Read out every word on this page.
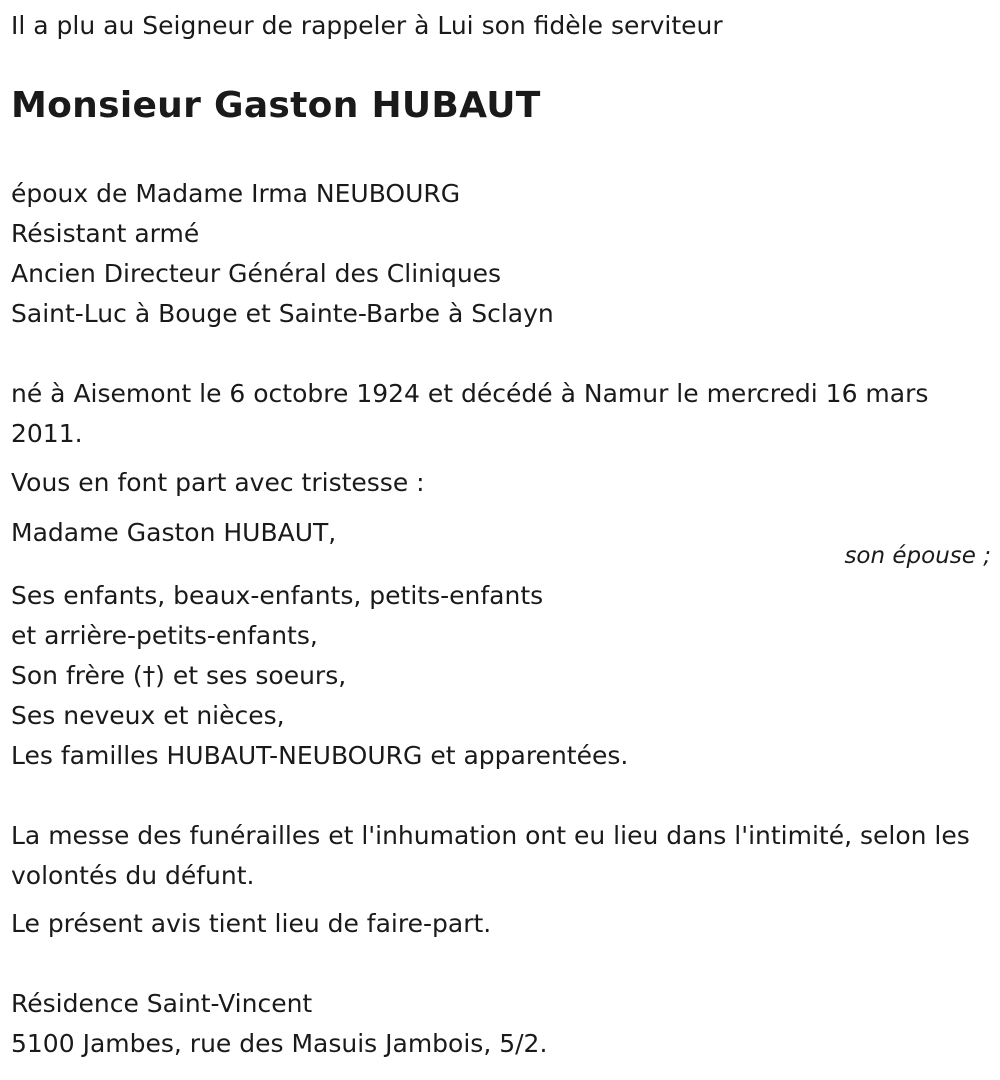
Il a plu au Seigneur de rappeler à Lui son fidèle serviteur
Monsieur Gaston HUBAUT
époux de Madame Irma NEUBOURG
Résistant armé
Ancien Directeur Général des Cliniques
Saint-Luc à Bouge et Sainte-Barbe à Sclayn
né à Aisemont le 6 octobre 1924 et décédé à Namur le mercredi 16 mars 2011.
Vous en font part avec tristesse :
Madame Gaston HUBAUT,
Ses enfants, beaux-enfants, petits-enfants
et arrière-petits-enfants,
Son frère (†) et ses soeurs,
Ses neveux et nièces,
Les familles HUBAUT-NEUBOURG et apparentées.
La messe des funérailles et l'inhumation ont eu lieu dans l'intimité, selon les volontés du défunt.
Le présent avis tient lieu de faire-part.
Résidence Saint-Vincent
5100 Jambes, rue des Masuis Jambois, 5/2.
son épouse ;
